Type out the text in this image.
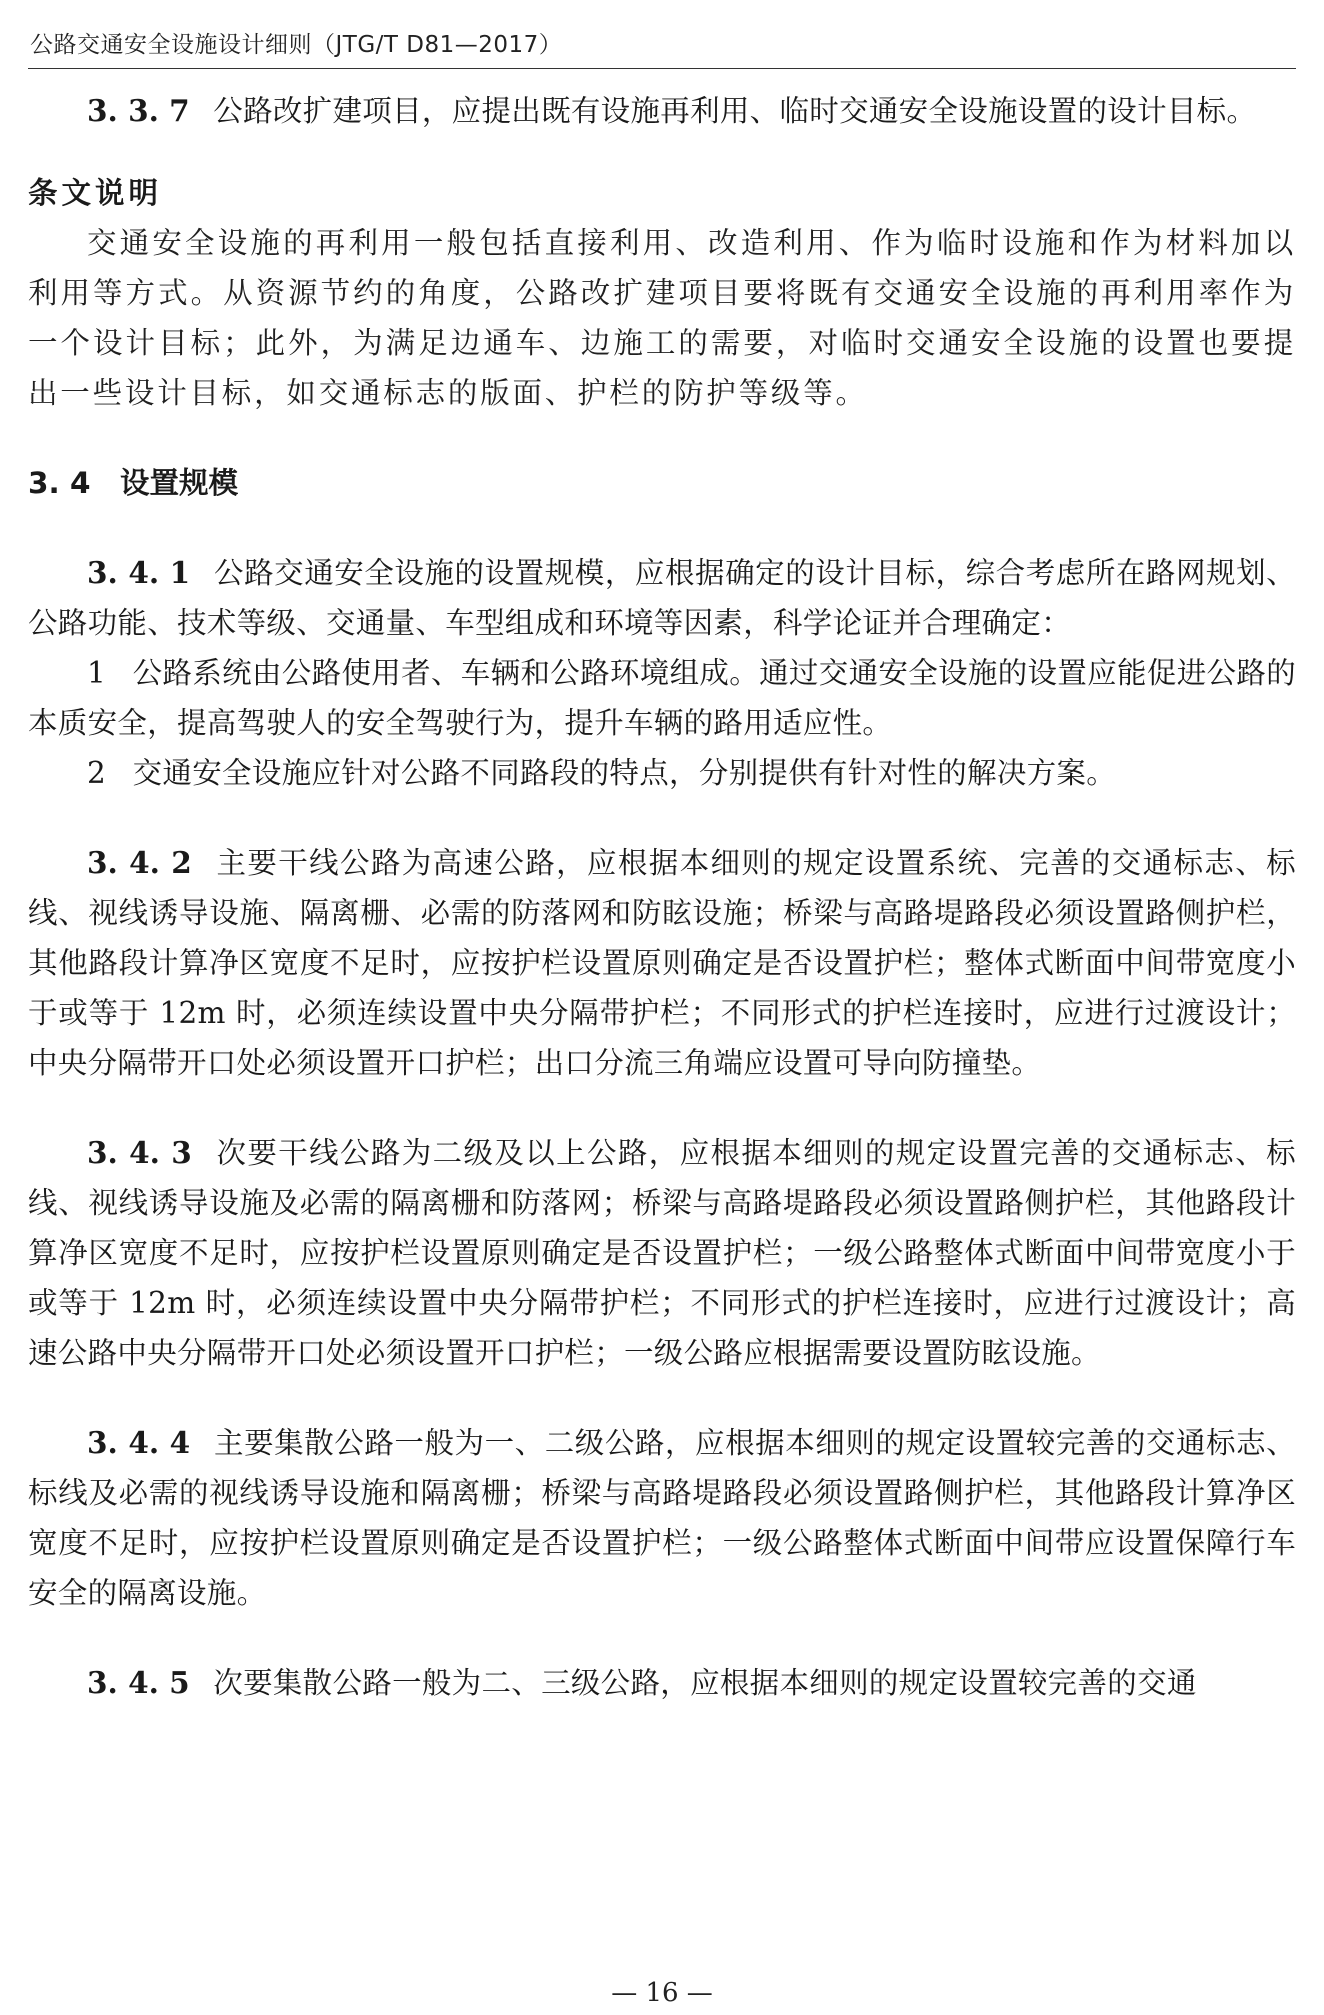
公路交通安全设施设计细则（JTG/T D81—2017）

3. 3. 7 公路改扩建项目，应提出既有设施再利用、临时交通安全设施设置的设计目标。

条文说明

交通安全设施的再利用一般包括直接利用、改造利用、作为临时设施和作为材料加以利用等方式。从资源节约的角度，公路改扩建项目要将既有交通安全设施的再利用率作为一个设计目标；此外，为满足边通车、边施工的需要，对临时交通安全设施的设置也要提出一些设计目标，如交通标志的版面、护栏的防护等级等。

3. 4 设置规模

3. 4. 1 公路交通安全设施的设置规模，应根据确定的设计目标，综合考虑所在路网规划、公路功能、技术等级、交通量、车型组成和环境等因素，科学论证并合理确定：

1 公路系统由公路使用者、车辆和公路环境组成。通过交通安全设施的设置应能促进公路的本质安全，提高驾驶人的安全驾驶行为，提升车辆的路用适应性。

2 交通安全设施应针对公路不同路段的特点，分别提供有针对性的解决方案。

3. 4. 2 主要干线公路为高速公路，应根据本细则的规定设置系统、完善的交通标志、标线、视线诱导设施、隔离栅、必需的防落网和防眩设施；桥梁与高路堤路段必须设置路侧护栏，其他路段计算净区宽度不足时，应按护栏设置原则确定是否设置护栏；整体式断面中间带宽度小于或等于 12m 时，必须连续设置中央分隔带护栏；不同形式的护栏连接时，应进行过渡设计；中央分隔带开口处必须设置开口护栏；出口分流三角端应设置可导向防撞垫。

3. 4. 3 次要干线公路为二级及以上公路，应根据本细则的规定设置完善的交通标志、标线、视线诱导设施及必需的隔离栅和防落网；桥梁与高路堤路段必须设置路侧护栏，其他路段计算净区宽度不足时，应按护栏设置原则确定是否设置护栏；一级公路整体式断面中间带宽度小于或等于 12m 时，必须连续设置中央分隔带护栏；不同形式的护栏连接时，应进行过渡设计；高速公路中央分隔带开口处必须设置开口护栏；一级公路应根据需要设置防眩设施。

3. 4. 4 主要集散公路一般为一、二级公路，应根据本细则的规定设置较完善的交通标志、标线及必需的视线诱导设施和隔离栅；桥梁与高路堤路段必须设置路侧护栏，其他路段计算净区宽度不足时，应按护栏设置原则确定是否设置护栏；一级公路整体式断面中间带应设置保障行车安全的隔离设施。

3. 4. 5 次要集散公路一般为二、三级公路，应根据本细则的规定设置较完善的交通

— 16 —
